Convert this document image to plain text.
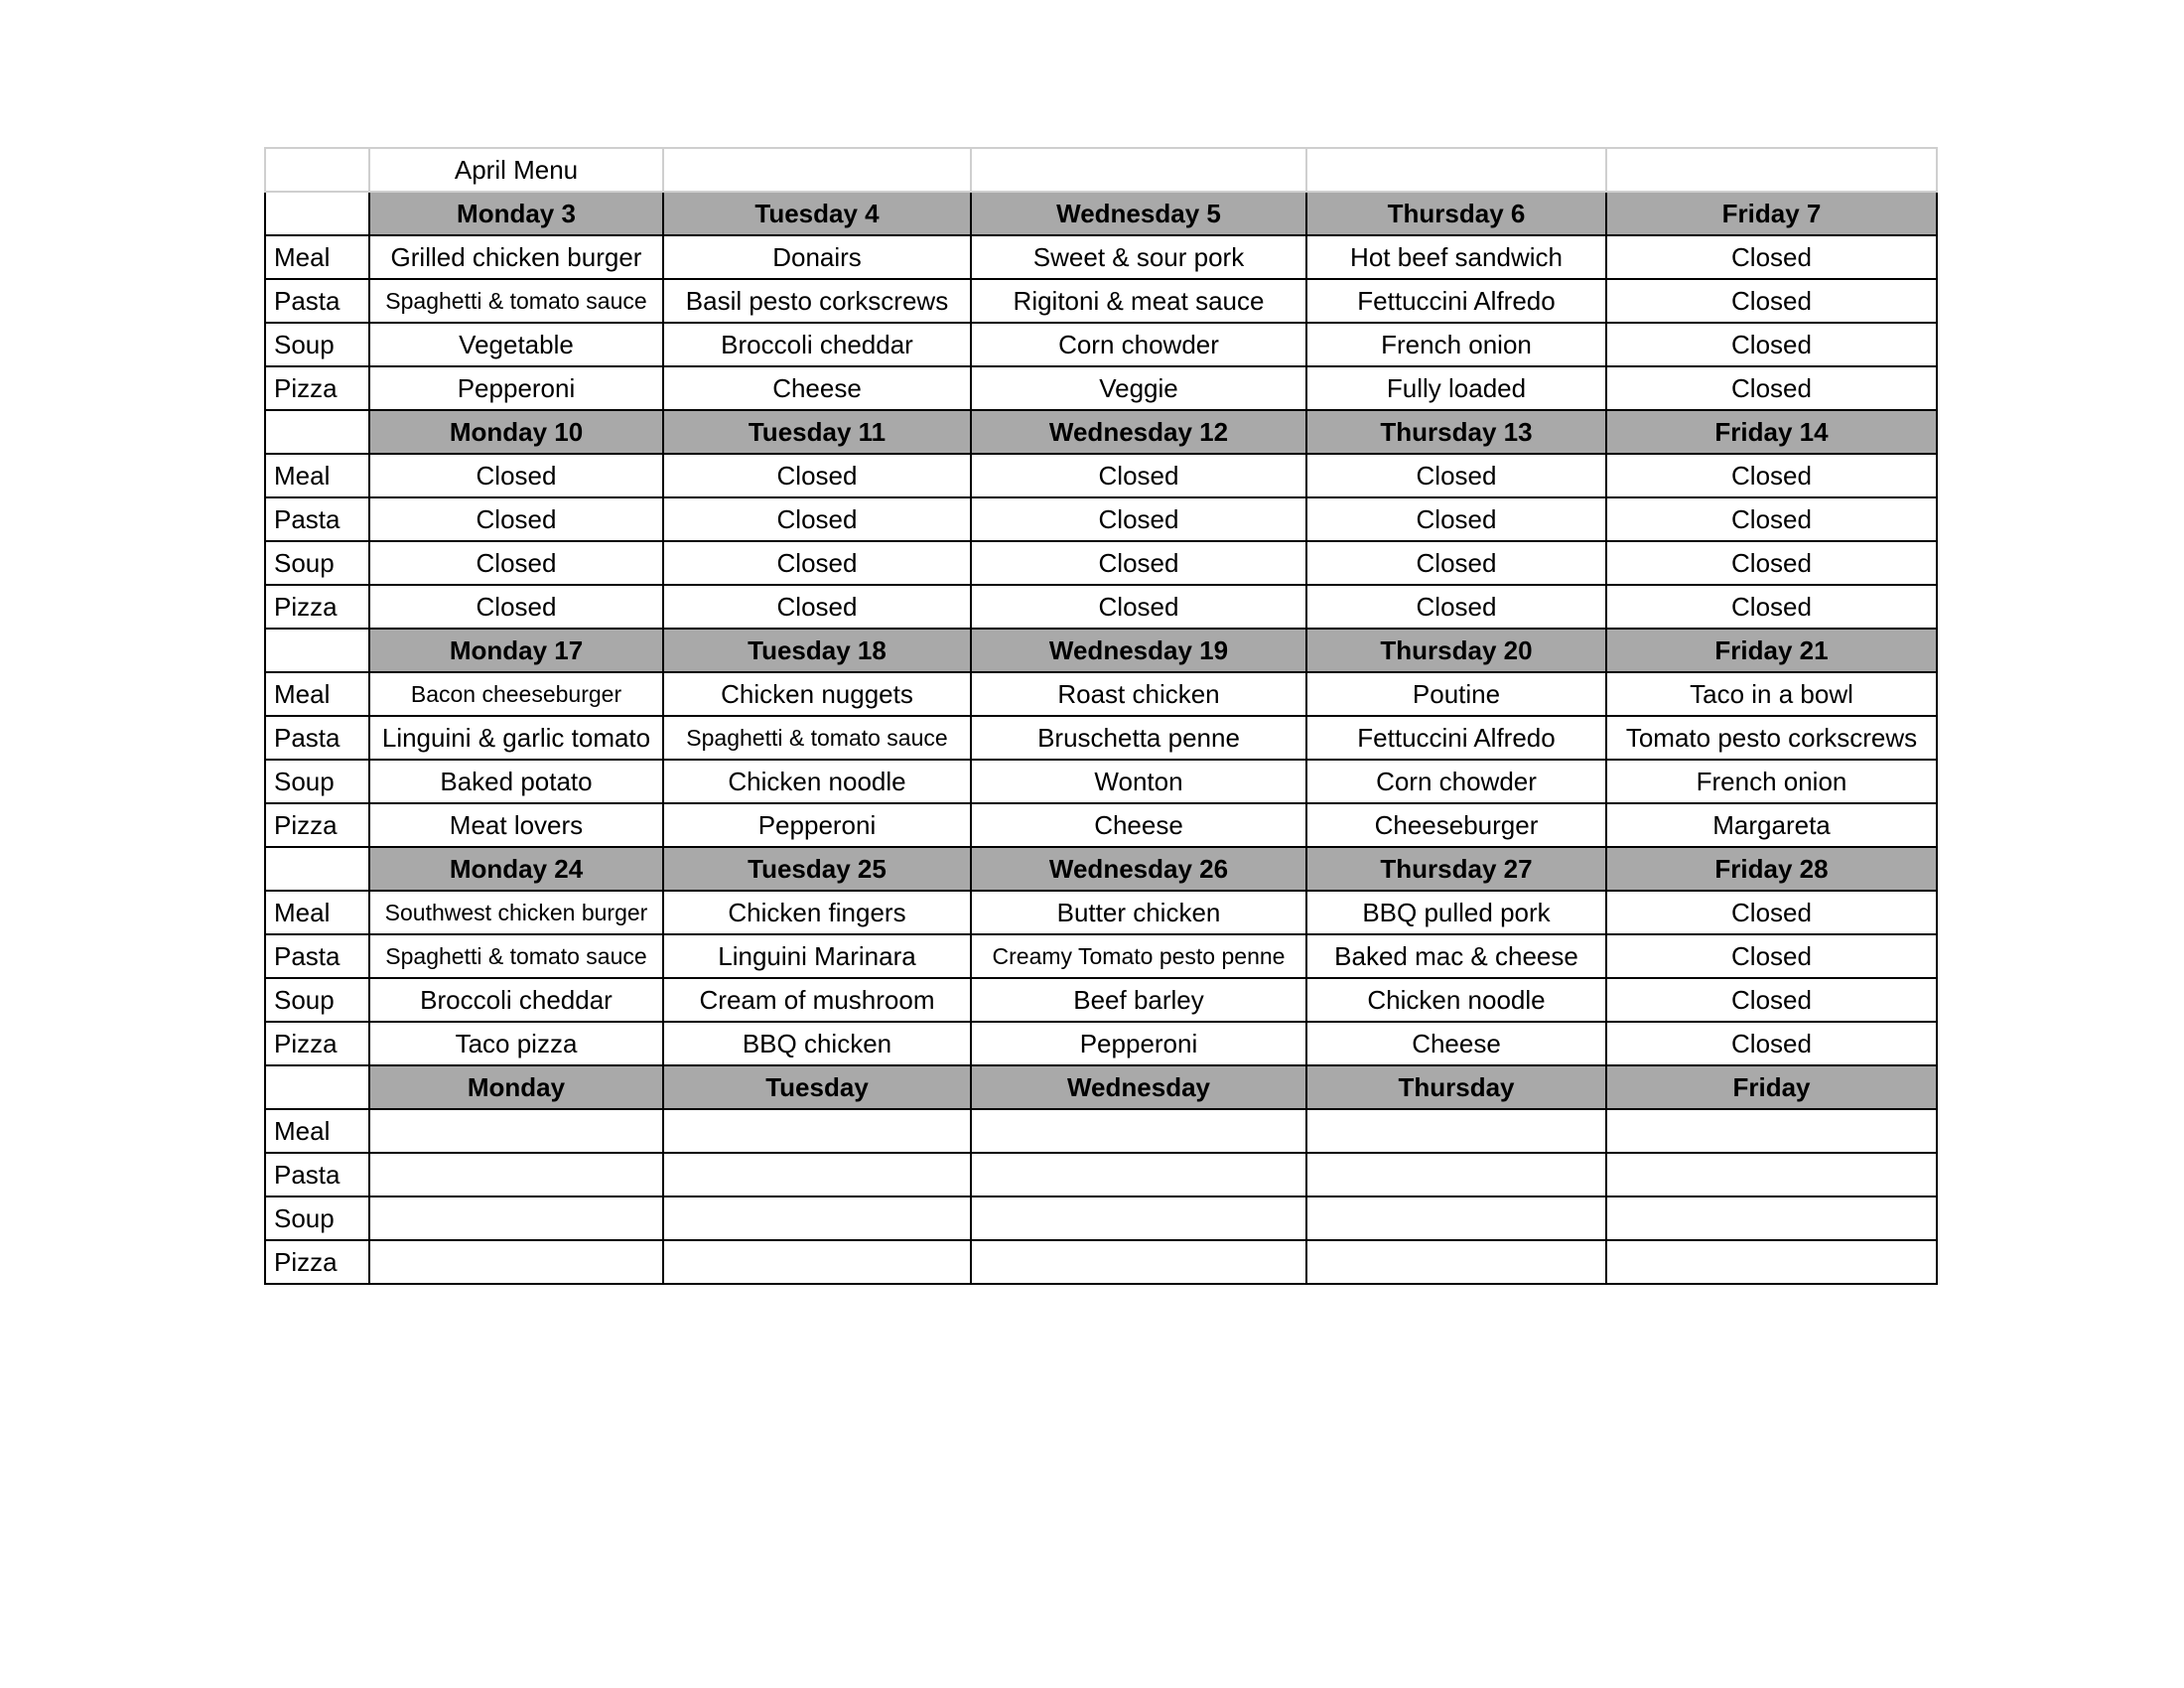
	April Menu				
	Monday 3	Tuesday 4	Wednesday 5	Thursday 6	Friday 7
Meal	Grilled chicken burger	Donairs	Sweet & sour pork	Hot beef sandwich	Closed
Pasta	Spaghetti & tomato sauce	Basil pesto corkscrews	Rigitoni & meat sauce	Fettuccini Alfredo	Closed
Soup	Vegetable	Broccoli cheddar	Corn chowder	French onion	Closed
Pizza	Pepperoni	Cheese	Veggie	Fully loaded	Closed
	Monday 10	Tuesday 11	Wednesday 12	Thursday 13	Friday 14
Meal	Closed	Closed	Closed	Closed	Closed
Pasta	Closed	Closed	Closed	Closed	Closed
Soup	Closed	Closed	Closed	Closed	Closed
Pizza	Closed	Closed	Closed	Closed	Closed
	Monday 17	Tuesday 18	Wednesday 19	Thursday 20	Friday 21
Meal	Bacon cheeseburger	Chicken nuggets	Roast chicken	Poutine	Taco in a bowl
Pasta	Linguini & garlic tomato	Spaghetti & tomato sauce	Bruschetta penne	Fettuccini Alfredo	Tomato pesto corkscrews
Soup	Baked potato	Chicken noodle	Wonton	Corn chowder	French onion
Pizza	Meat lovers	Pepperoni	Cheese	Cheeseburger	Margareta
	Monday 24	Tuesday 25	Wednesday 26	Thursday 27	Friday 28
Meal	Southwest chicken burger	Chicken fingers	Butter chicken	BBQ pulled pork	Closed
Pasta	Spaghetti & tomato sauce	Linguini Marinara	Creamy Tomato pesto penne	Baked mac & cheese	Closed
Soup	Broccoli cheddar	Cream of mushroom	Beef barley	Chicken noodle	Closed
Pizza	Taco pizza	BBQ chicken	Pepperoni	Cheese	Closed
	Monday	Tuesday	Wednesday	Thursday	Friday
Meal					
Pasta					
Soup					
Pizza					
